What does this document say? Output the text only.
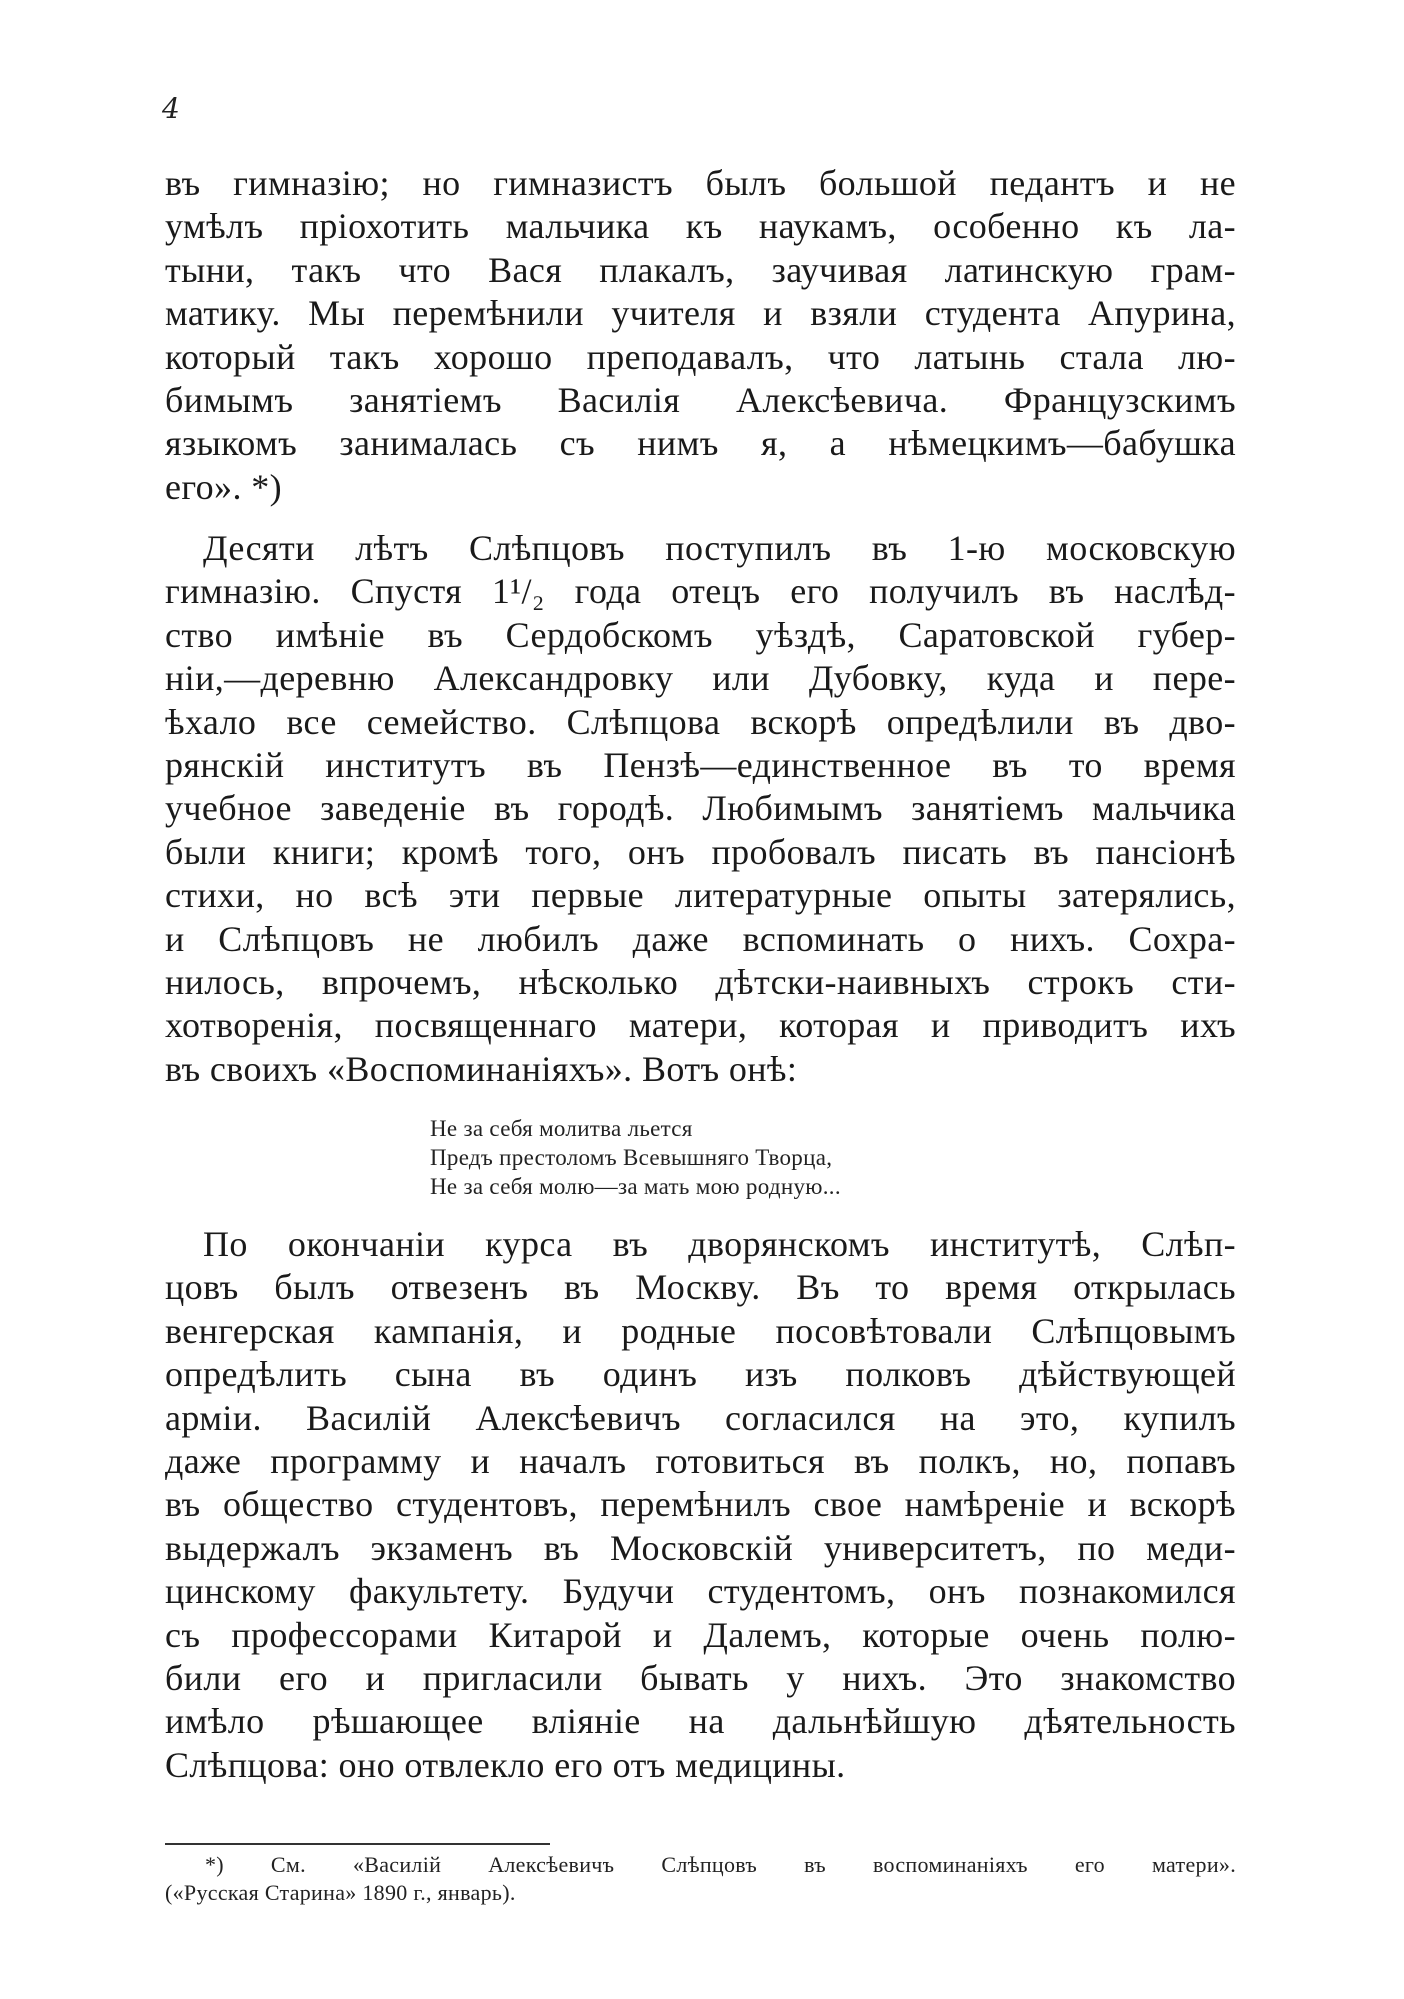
4
въ гимназію; но гимназистъ былъ большой педантъ и не
умѣлъ пріохотить мальчика къ наукамъ, особенно къ ла-
тыни, такъ что Вася плакалъ, заучивая латинскую грам-
матику. Мы перемѣнили учителя и взяли студента Апурина,
который такъ хорошо преподавалъ, что латынь стала лю-
бимымъ занятіемъ Василія Алексѣевича. Французскимъ
языкомъ занималась съ нимъ я, а нѣмецкимъ—бабушка
его». *)
Десяти лѣтъ Слѣпцовъ поступилъ въ 1-ю московскую
гимназію. Спустя 1¹/₂ года отецъ его получилъ въ наслѣд-
ство имѣніе въ Сердобскомъ уѣздѣ, Саратовской губер-
ніи,—деревню Александровку или Дубовку, куда и пере-
ѣхало все семейство. Слѣпцова вскорѣ опредѣлили въ дво-
рянскій институтъ въ Пензѣ—единственное въ то время
учебное заведеніе въ городѣ. Любимымъ занятіемъ мальчика
были книги; кромѣ того, онъ пробовалъ писать въ пансіонѣ
стихи, но всѣ эти первые литературные опыты затерялись,
и Слѣпцовъ не любилъ даже вспоминать о нихъ. Сохра-
нилось, впрочемъ, нѣсколько дѣтски-наивныхъ строкъ сти-
хотворенія, посвященнаго матери, которая и приводитъ ихъ
въ своихъ «Воспоминаніяхъ». Вотъ онѣ:
Не за себя молитва льется
Предъ престоломъ Всевышняго Творца,
Не за себя молю—за мать мою родную...
По окончаніи курса въ дворянскомъ институтѣ, Слѣп-
цовъ былъ отвезенъ въ Москву. Въ то время открылась
венгерская кампанія, и родные посовѣтовали Слѣпцовымъ
опредѣлить сына въ одинъ изъ полковъ дѣйствующей
арміи. Василій Алексѣевичъ согласился на это, купилъ
даже программу и началъ готовиться въ полкъ, но, попавъ
въ общество студентовъ, перемѣнилъ свое намѣреніе и вскорѣ
выдержалъ экзаменъ въ Московскій университетъ, по меди-
цинскому факультету. Будучи студентомъ, онъ познакомился
съ профессорами Китарой и Далемъ, которые очень полю-
били его и пригласили бывать у нихъ. Это знакомство
имѣло рѣшающее вліяніе на дальнѣйшую дѣятельность
Слѣпцова: оно отвлекло его отъ медицины.
*) См. «Василій Алексѣевичъ Слѣпцовъ въ воспоминаніяхъ его матери».
(«Русская Старина» 1890 г., январь).
